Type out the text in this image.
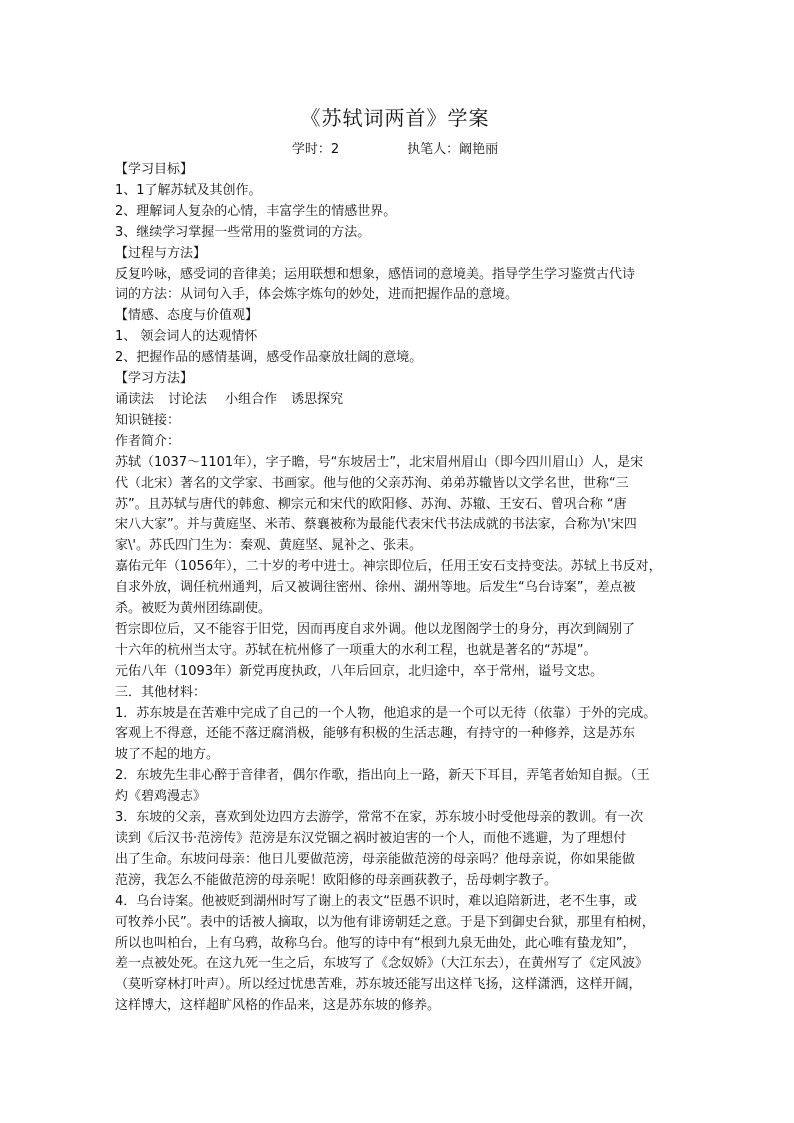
《苏轼词两首》学案
学时：2	执笔人：阚艳丽
【学习目标】
1、1了解苏轼及其创作。
2、理解词人复杂的心情，丰富学生的情感世界。
3、继续学习掌握一些常用的鉴赏词的方法。
【过程与方法】
反复吟咏，感受词的音律美；运用联想和想象，感悟词的意境美。指导学生学习鉴赏古代诗
词的方法：从词句入手，体会炼字炼句的妙处，进而把握作品的意境。
【情感、态度与价值观】
1、 领会词人的达观情怀
2、把握作品的感情基调，感受作品豪放壮阔的意境。
【学习方法】
诵读法 讨论法 小组合作 诱思探究
知识链接：
作者简介：
苏轼（1037～1101年），字子瞻，号“东坡居士”，北宋眉州眉山（即今四川眉山）人，是宋
代（北宋）著名的文学家、书画家。他与他的父亲苏洵、弟弟苏辙皆以文学名世，世称“三
苏”。且苏轼与唐代的韩愈、柳宗元和宋代的欧阳修、苏洵、苏辙、王安石、曾巩合称 “唐
宋八大家”。并与黄庭坚、米芾、蔡襄被称为最能代表宋代书法成就的书法家，合称为\'宋四
家\'。苏氏四门生为：秦观、黄庭坚、晁补之、张耒。
嘉佑元年（1056年），二十岁的考中进士。神宗即位后，任用王安石支持变法。苏轼上书反对，
自求外放，调任杭州通判，后又被调往密州、徐州、湖州等地。后发生“乌台诗案”，差点被
杀。被贬为黄州团练副使。
哲宗即位后，又不能容于旧党，因而再度自求外调。他以龙图阁学士的身分，再次到阔别了
十六年的杭州当太守。苏轼在杭州修了一项重大的水利工程，也就是著名的“苏堤”。
元佑八年（1093年）新党再度执政，八年后回京，北归途中，卒于常州，谥号文忠。
三．其他材料：
1．苏东坡是在苦难中完成了自己的一个人物，他追求的是一个可以无待（依靠）于外的完成。
客观上不得意，还能不落迂腐消极，能够有积极的生活志趣，有持守的一种修养，这是苏东
坡了不起的地方。
2．东坡先生非心醉于音律者，偶尔作歌，指出向上一路，新天下耳目，弄笔者始知自振。（王
灼《碧鸡漫志》
3．东坡的父亲，喜欢到处边四方去游学，常常不在家，苏东坡小时受他母亲的教训。有一次
读到《后汉书·范滂传》范滂是东汉党锢之祸时被迫害的一个人，而他不逃避，为了理想付
出了生命。东坡问母亲：他日儿要做范滂，母亲能做范滂的母亲吗？他母亲说，你如果能做
范滂，我怎么不能做范滂的母亲呢！欧阳修的母亲画荻教子，岳母刺字教子。
4．乌台诗案。他被贬到湖州时写了谢上的表文“臣愚不识时，难以追陪新进，老不生事，或
可牧养小民”。表中的话被人摘取，以为他有诽谤朝廷之意。于是下到御史台狱，那里有柏树，
所以也叫柏台，上有乌鸦，故称乌台。他写的诗中有“根到九泉无曲处，此心唯有蛰龙知”，
差一点被处死。在这九死一生之后，东坡写了《念奴娇》（大江东去），在黄州写了《定风波》
（莫听穿林打叶声）。所以经过忧患苦难，苏东坡还能写出这样飞扬，这样潇洒，这样开阔，
这样博大，这样超旷风格的作品来，这是苏东坡的修养。
